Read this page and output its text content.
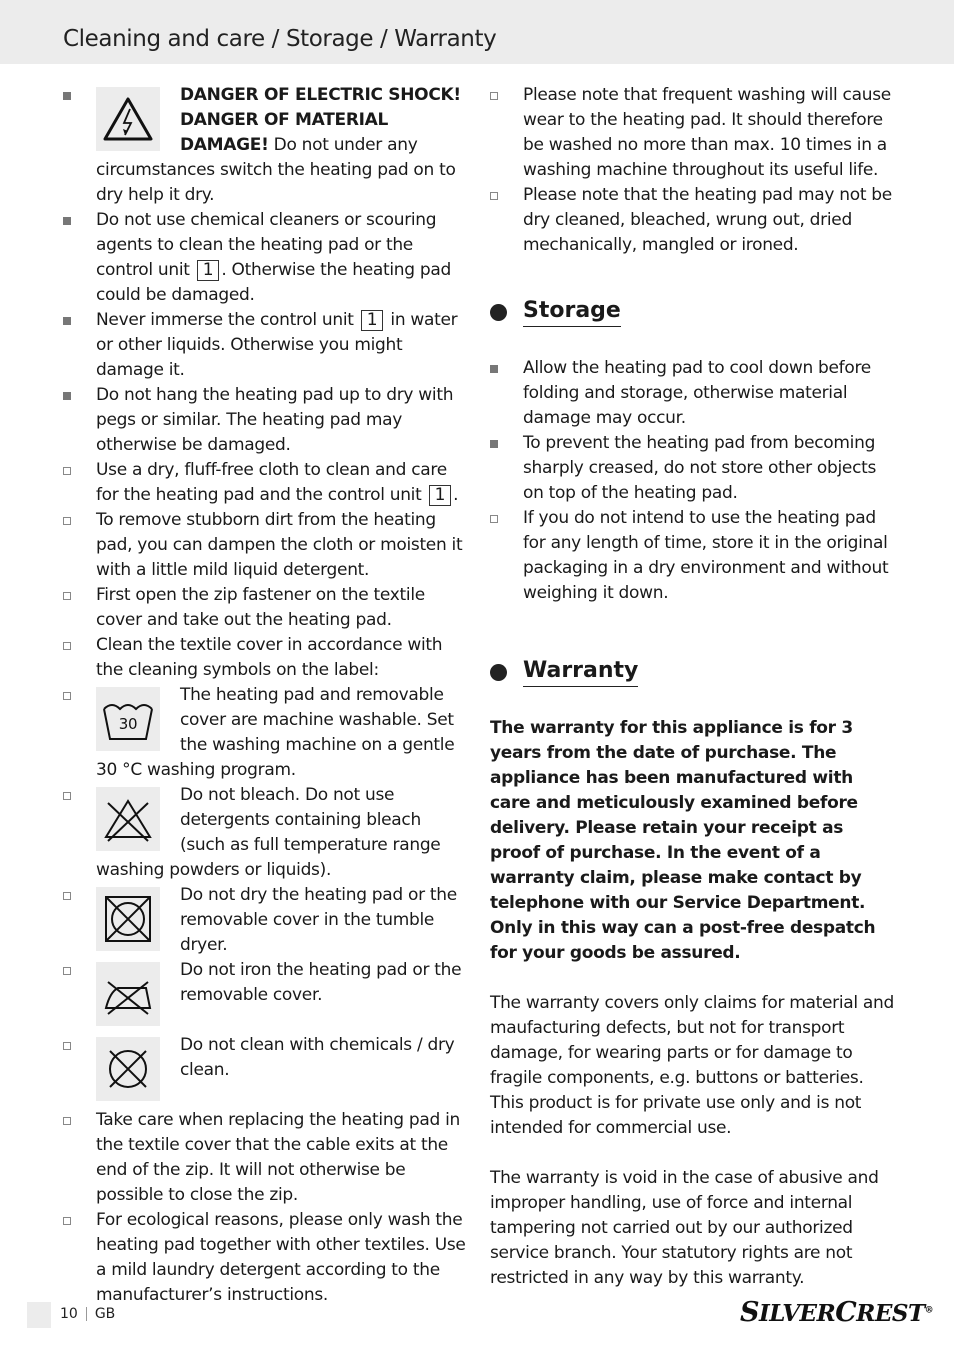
Cleaning and care / Storage / Warranty
DANGER OF ELECTRIC SHOCK! DANGER OF MATERIAL DAMAGE! Do not under any circumstances switch the heating pad on to dry help it dry.
Do not use chemical cleaners or scouring agents to clean the heating pad or the control unit 1 . Otherwise the heating pad could be damaged.
Never immerse the control unit 1 in water or other liquids. Otherwise you might damage it.
Do not hang the heating pad up to dry with pegs or similar. The heating pad may otherwise be damaged.
Use a dry, fluff-free cloth to clean and care for the heating pad and the control unit 1 .
To remove stubborn dirt from the heating pad, you can dampen the cloth or moisten it with a little mild liquid detergent.
First open the zip fastener on the textile cover and take out the heating pad.
Clean the textile cover in accordance with the cleaning symbols on the label:
30
The heating pad and removable cover are machine washable. Set the washing machine on a gentle 30 °C washing program.
Do not bleach. Do not use detergents containing bleach (such as full temperature range washing powders or liquids).
Do not dry the heating pad or the removable cover in the tumble dryer.
Do not iron the heating pad or the removable cover.
Do not clean with chemicals / dry clean.
Take care when replacing the heating pad in the textile cover that the cable exits at the end of the zip. It will not otherwise be possible to close the zip.
For ecological reasons, please only wash the heating pad together with other textiles. Use a mild laundry detergent according to the manufacturer’s instructions.
Please note that frequent washing will cause wear to the heating pad. It should therefore be washed no more than max. 10 times in a washing machine throughout its useful life.
Please note that the heating pad may not be dry cleaned, bleached, wrung out, dried mechanically, mangled or ironed.
Storage
Allow the heating pad to cool down before folding and storage, otherwise material damage may occur.
To prevent the heating pad from becoming sharply creased, do not store other objects on top of the heating pad.
If you do not intend to use the heating pad for any length of time, store it in the original packaging in a dry environment and without weighing it down.
Warranty

The warranty for this appliance is for 3 years from the date of purchase. The appliance has been manufactured with care and meticulously examined before delivery. Please retain your receipt as proof of purchase. In the event of a warranty claim, please make contact by telephone with our Service Department. Only in this way can a post-free despatch for your goods be assured.

The warranty covers only claims for material and maufacturing defects, but not for transport damage, for wearing parts or for damage to fragile components, e.g. buttons or batteries. This product is for private use only and is not intended for commercial use.

The warranty is void in the case of abusive and improper handling, use of force and internal tampering not carried out by our authorized service branch. Your statutory rights are not restricted in any way by this warranty.

10 GB	SILVERCREST®
